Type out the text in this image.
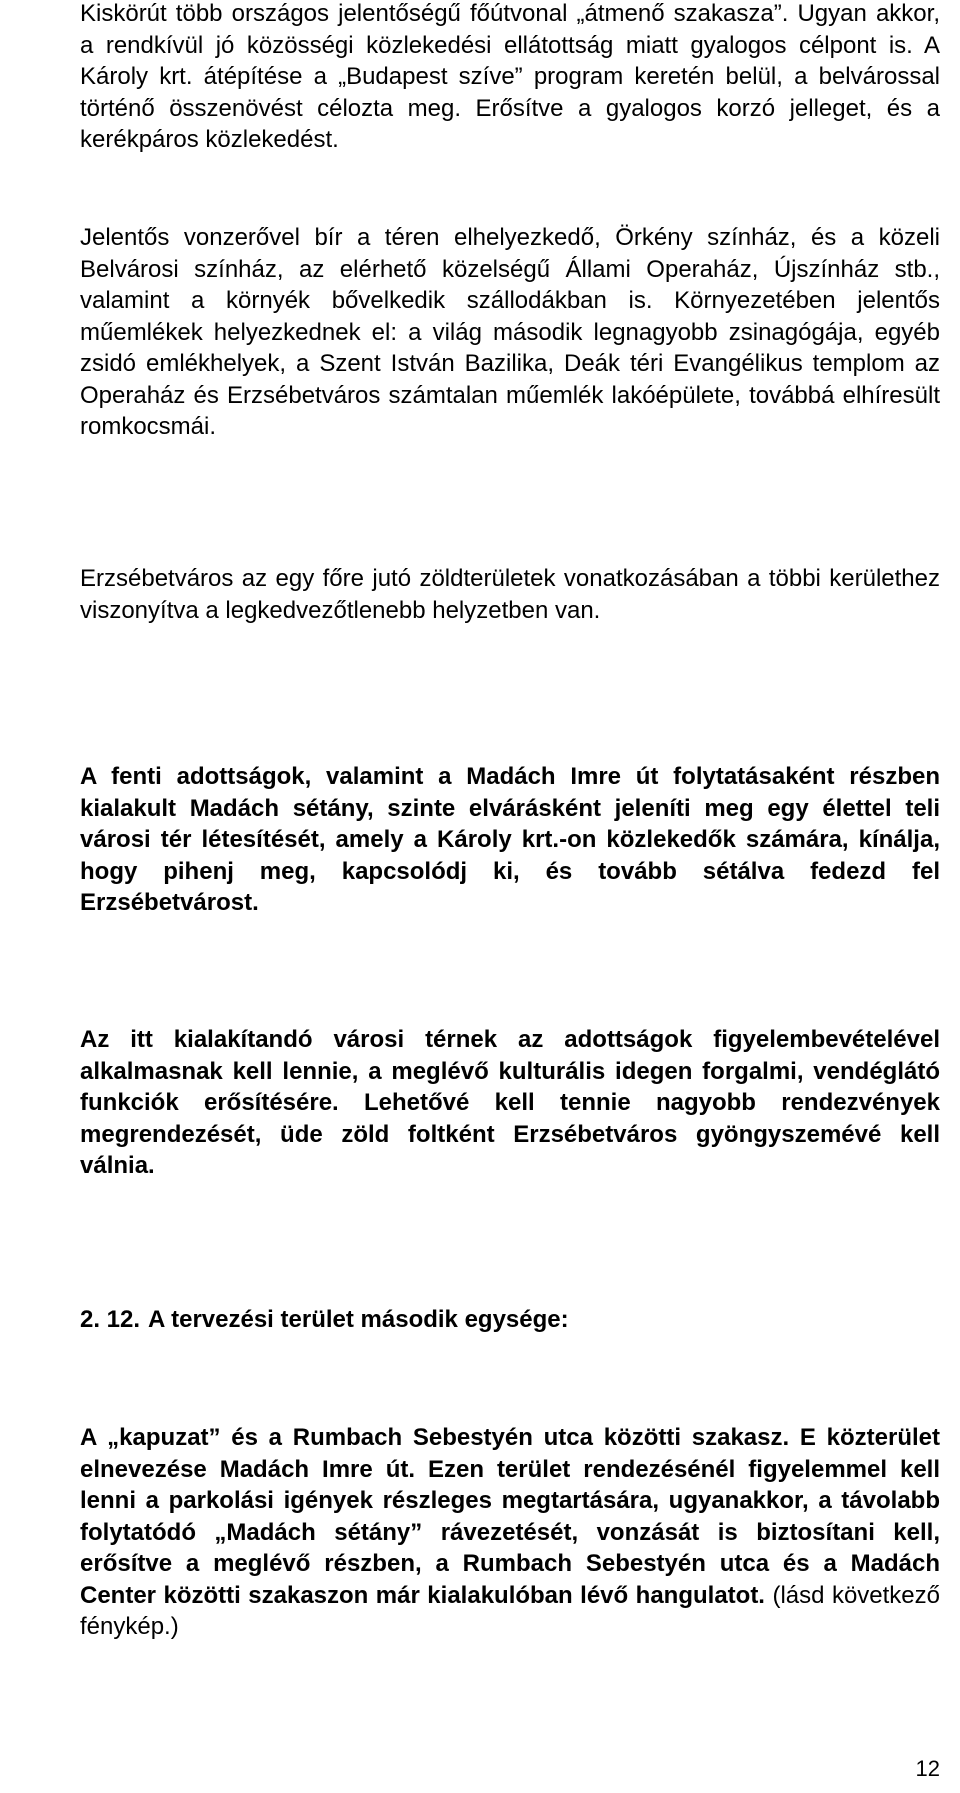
Kiskörút több országos jelentőségű főútvonal „átmenő szakasza”. Ugyan akkor, a rendkívül jó közösségi közlekedési ellátottság miatt gyalogos célpont is. A Károly krt. átépítése a „Budapest szíve” program keretén belül, a belvárossal történő összenövést célozta meg. Erősítve a gyalogos korzó jelleget, és a kerékpáros közlekedést.

Jelentős vonzerővel bír a téren elhelyezkedő, Örkény színház, és a közeli Belvárosi színház, az elérhető közelségű Állami Operaház, Újszínház stb., valamint a környék bővelkedik szállodákban is. Környezetében jelentős műemlékek helyezkednek el: a világ második legnagyobb zsinagógája, egyéb zsidó emlékhelyek, a Szent István Bazilika, Deák téri Evangélikus templom az Operaház és Erzsébetváros számtalan műemlék lakóépülete, továbbá elhíresült romkocsmái.

Erzsébetváros az egy főre jutó zöldterületek vonatkozásában a többi kerülethez viszonyítva a legkedvezőtlenebb helyzetben van.

A fenti adottságok, valamint a Madách Imre út folytatásaként részben kialakult Madách sétány, szinte elvárásként jeleníti meg egy élettel teli városi tér létesítését, amely a Károly krt.-on közlekedők számára, kínálja, hogy pihenj meg, kapcsolódj ki, és tovább sétálva fedezd fel Erzsébetvárost.

Az itt kialakítandó városi térnek az adottságok figyelembevételével alkalmasnak kell lennie, a meglévő kulturális idegen forgalmi, vendéglátó funkciók erősítésére. Lehetővé kell tennie nagyobb rendezvények megrendezését, üde zöld foltként Erzsébetváros gyöngyszemévé kell válnia.

2. 12. A tervezési terület második egysége:

A „kapuzat” és a Rumbach Sebestyén utca közötti szakasz. E közterület elnevezése Madách Imre út. Ezen terület rendezésénél figyelemmel kell lenni a parkolási igények részleges megtartására, ugyanakkor, a távolabb folytatódó „Madách sétány” rávezetését, vonzását is biztosítani kell, erősítve a meglévő részben, a Rumbach Sebestyén utca és a Madách Center közötti szakaszon már kialakulóban lévő hangulatot. (lásd következő fénykép.)

12
